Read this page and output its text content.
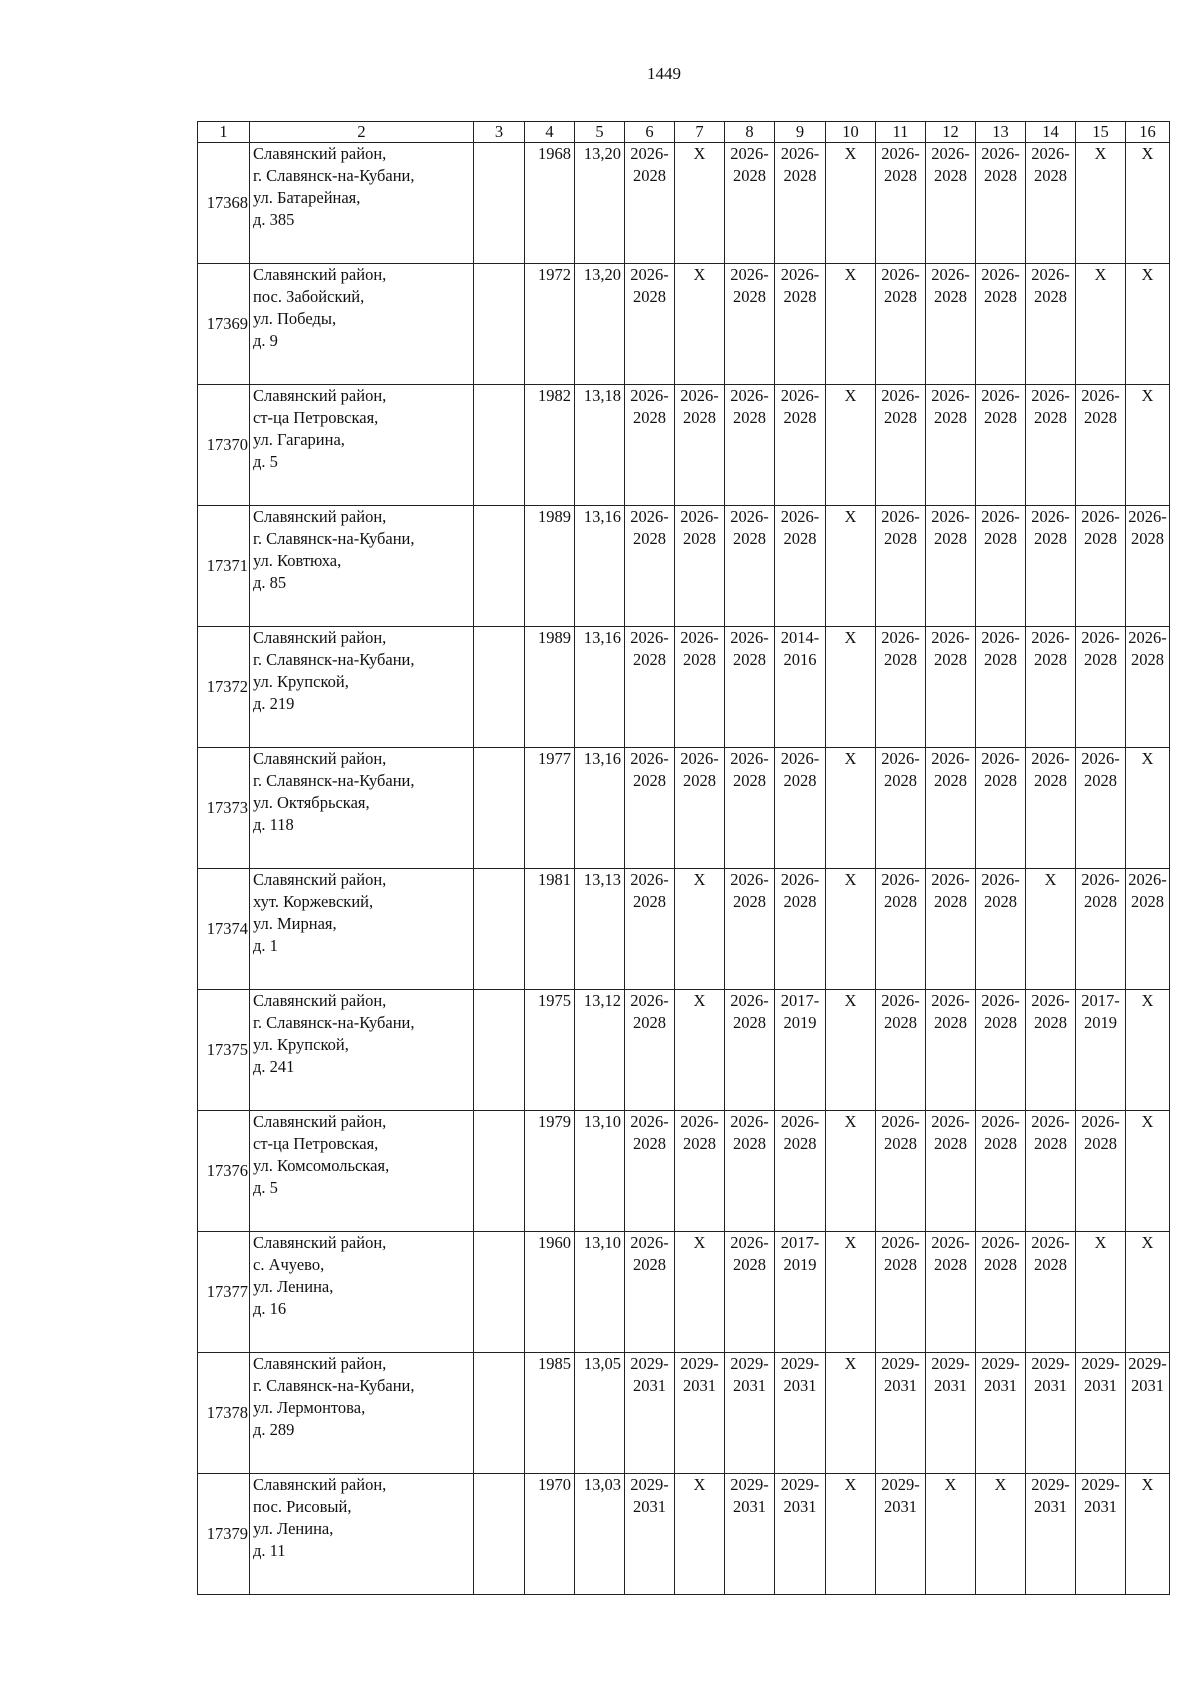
1449
1	2	3	4	5	6	7	8	9	10	11	12	13	14	15	16
17368	Славянский район,
г. Славянск-на-Кубани,
ул. Батарейная,
д. 385		1968	13,20	2026-
2028	X	2026-
2028	2026-
2028	X	2026-
2028	2026-
2028	2026-
2028	2026-
2028	X	X
17369	Славянский район,
пос. Забойский,
ул. Победы,
д. 9		1972	13,20	2026-
2028	X	2026-
2028	2026-
2028	X	2026-
2028	2026-
2028	2026-
2028	2026-
2028	X	X
17370	Славянский район,
ст-ца Петровская,
ул. Гагарина,
д. 5		1982	13,18	2026-
2028	2026-
2028	2026-
2028	2026-
2028	X	2026-
2028	2026-
2028	2026-
2028	2026-
2028	2026-
2028	X
17371	Славянский район,
г. Славянск-на-Кубани,
ул. Ковтюха,
д. 85		1989	13,16	2026-
2028	2026-
2028	2026-
2028	2026-
2028	X	2026-
2028	2026-
2028	2026-
2028	2026-
2028	2026-
2028	2026-
2028

17372	Славянский район,
г. Славянск-на-Кубани,
ул. Крупской,
д. 219		1989	13,16	2026-
2028	2026-
2028	2026-
2028	2014-
2016	X	2026-
2028	2026-
2028	2026-
2028	2026-
2028	2026-
2028	2026-
2028

17373	Славянский район,
г. Славянск-на-Кубани,
ул. Октябрьская,
д. 118		1977	13,16	2026-
2028	2026-
2028	2026-
2028	2026-
2028	X	2026-
2028	2026-
2028	2026-
2028	2026-
2028	2026-
2028	X
17374	Славянский район,
хут. Коржевский,
ул. Мирная,
д. 1		1981	13,13	2026-
2028	X	2026-
2028	2026-
2028	X	2026-
2028	2026-
2028	2026-
2028	X	2026-
2028	2026-
2028

17375	Славянский район,
г. Славянск-на-Кубани,
ул. Крупской,
д. 241		1975	13,12	2026-
2028	X	2026-
2028	2017-
2019	X	2026-
2028	2026-
2028	2026-
2028	2026-
2028	2017-
2019	X
17376	Славянский район,
ст-ца Петровская,
ул. Комсомольская,
д. 5		1979	13,10	2026-
2028	2026-
2028	2026-
2028	2026-
2028	X	2026-
2028	2026-
2028	2026-
2028	2026-
2028	2026-
2028	X
17377	Славянский район,
с. Ачуево,
ул. Ленина,
д. 16		1960	13,10	2026-
2028	X	2026-
2028	2017-
2019	X	2026-
2028	2026-
2028	2026-
2028	2026-
2028	X	X
17378	Славянский район,
г. Славянск-на-Кубани,
ул. Лермонтова,
д. 289		1985	13,05	2029-
2031	2029-
2031	2029-
2031	2029-
2031	X	2029-
2031	2029-
2031	2029-
2031	2029-
2031	2029-
2031	2029-
2031

17379	Славянский район,
пос. Рисовый,
ул. Ленина,
д. 11		1970	13,03	2029-
2031	X	2029-
2031	2029-
2031	X	2029-
2031	X	X	2029-
2031	2029-
2031	X
